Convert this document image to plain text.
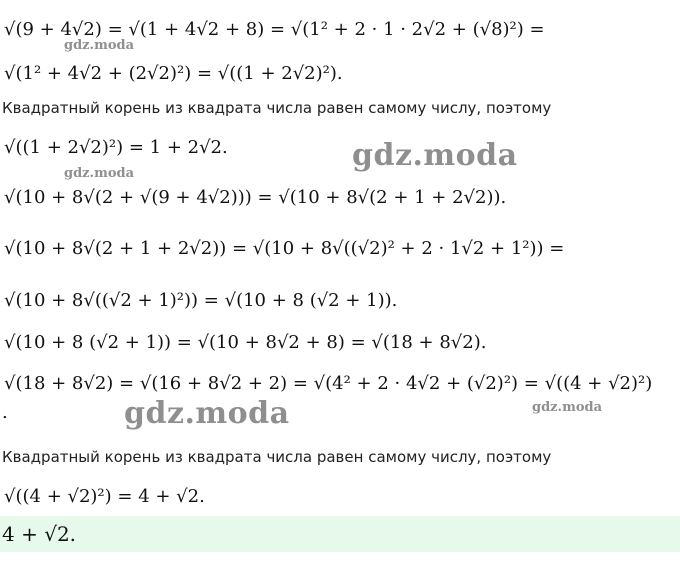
√(9 + 4√2) = √(1 + 4√2 + 8) = √(1² + 2 · 1 · 2√2 + (√8)²) =
√(1² + 4√2 + (2√2)²) = √((1 + 2√2)²).
Квадратный корень из квадрата числа равен самому числу, поэтому
√((1 + 2√2)²) = 1 + 2√2.
√(10 + 8√(2 + √(9 + 4√2))) = √(10 + 8√(2 + 1 + 2√2)).
√(10 + 8√(2 + 1 + 2√2)) = √(10 + 8√((√2)² + 2 · 1√2 + 1²)) =
√(10 + 8√((√2 + 1)²)) = √(10 + 8 (√2 + 1)).
√(10 + 8 (√2 + 1)) = √(10 + 8√2 + 8) = √(18 + 8√2).
√(18 + 8√2) = √(16 + 8√2 + 2) = √(4² + 2 · 4√2 + (√2)²) = √((4 + √2)²)
.
Квадратный корень из квадрата числа равен самому числу, поэтому
√((4 + √2)²) = 4 + √2.
4 + √2.
gdz.moda
gdz.moda
gdz.moda
gdz.moda	gdz.moda
